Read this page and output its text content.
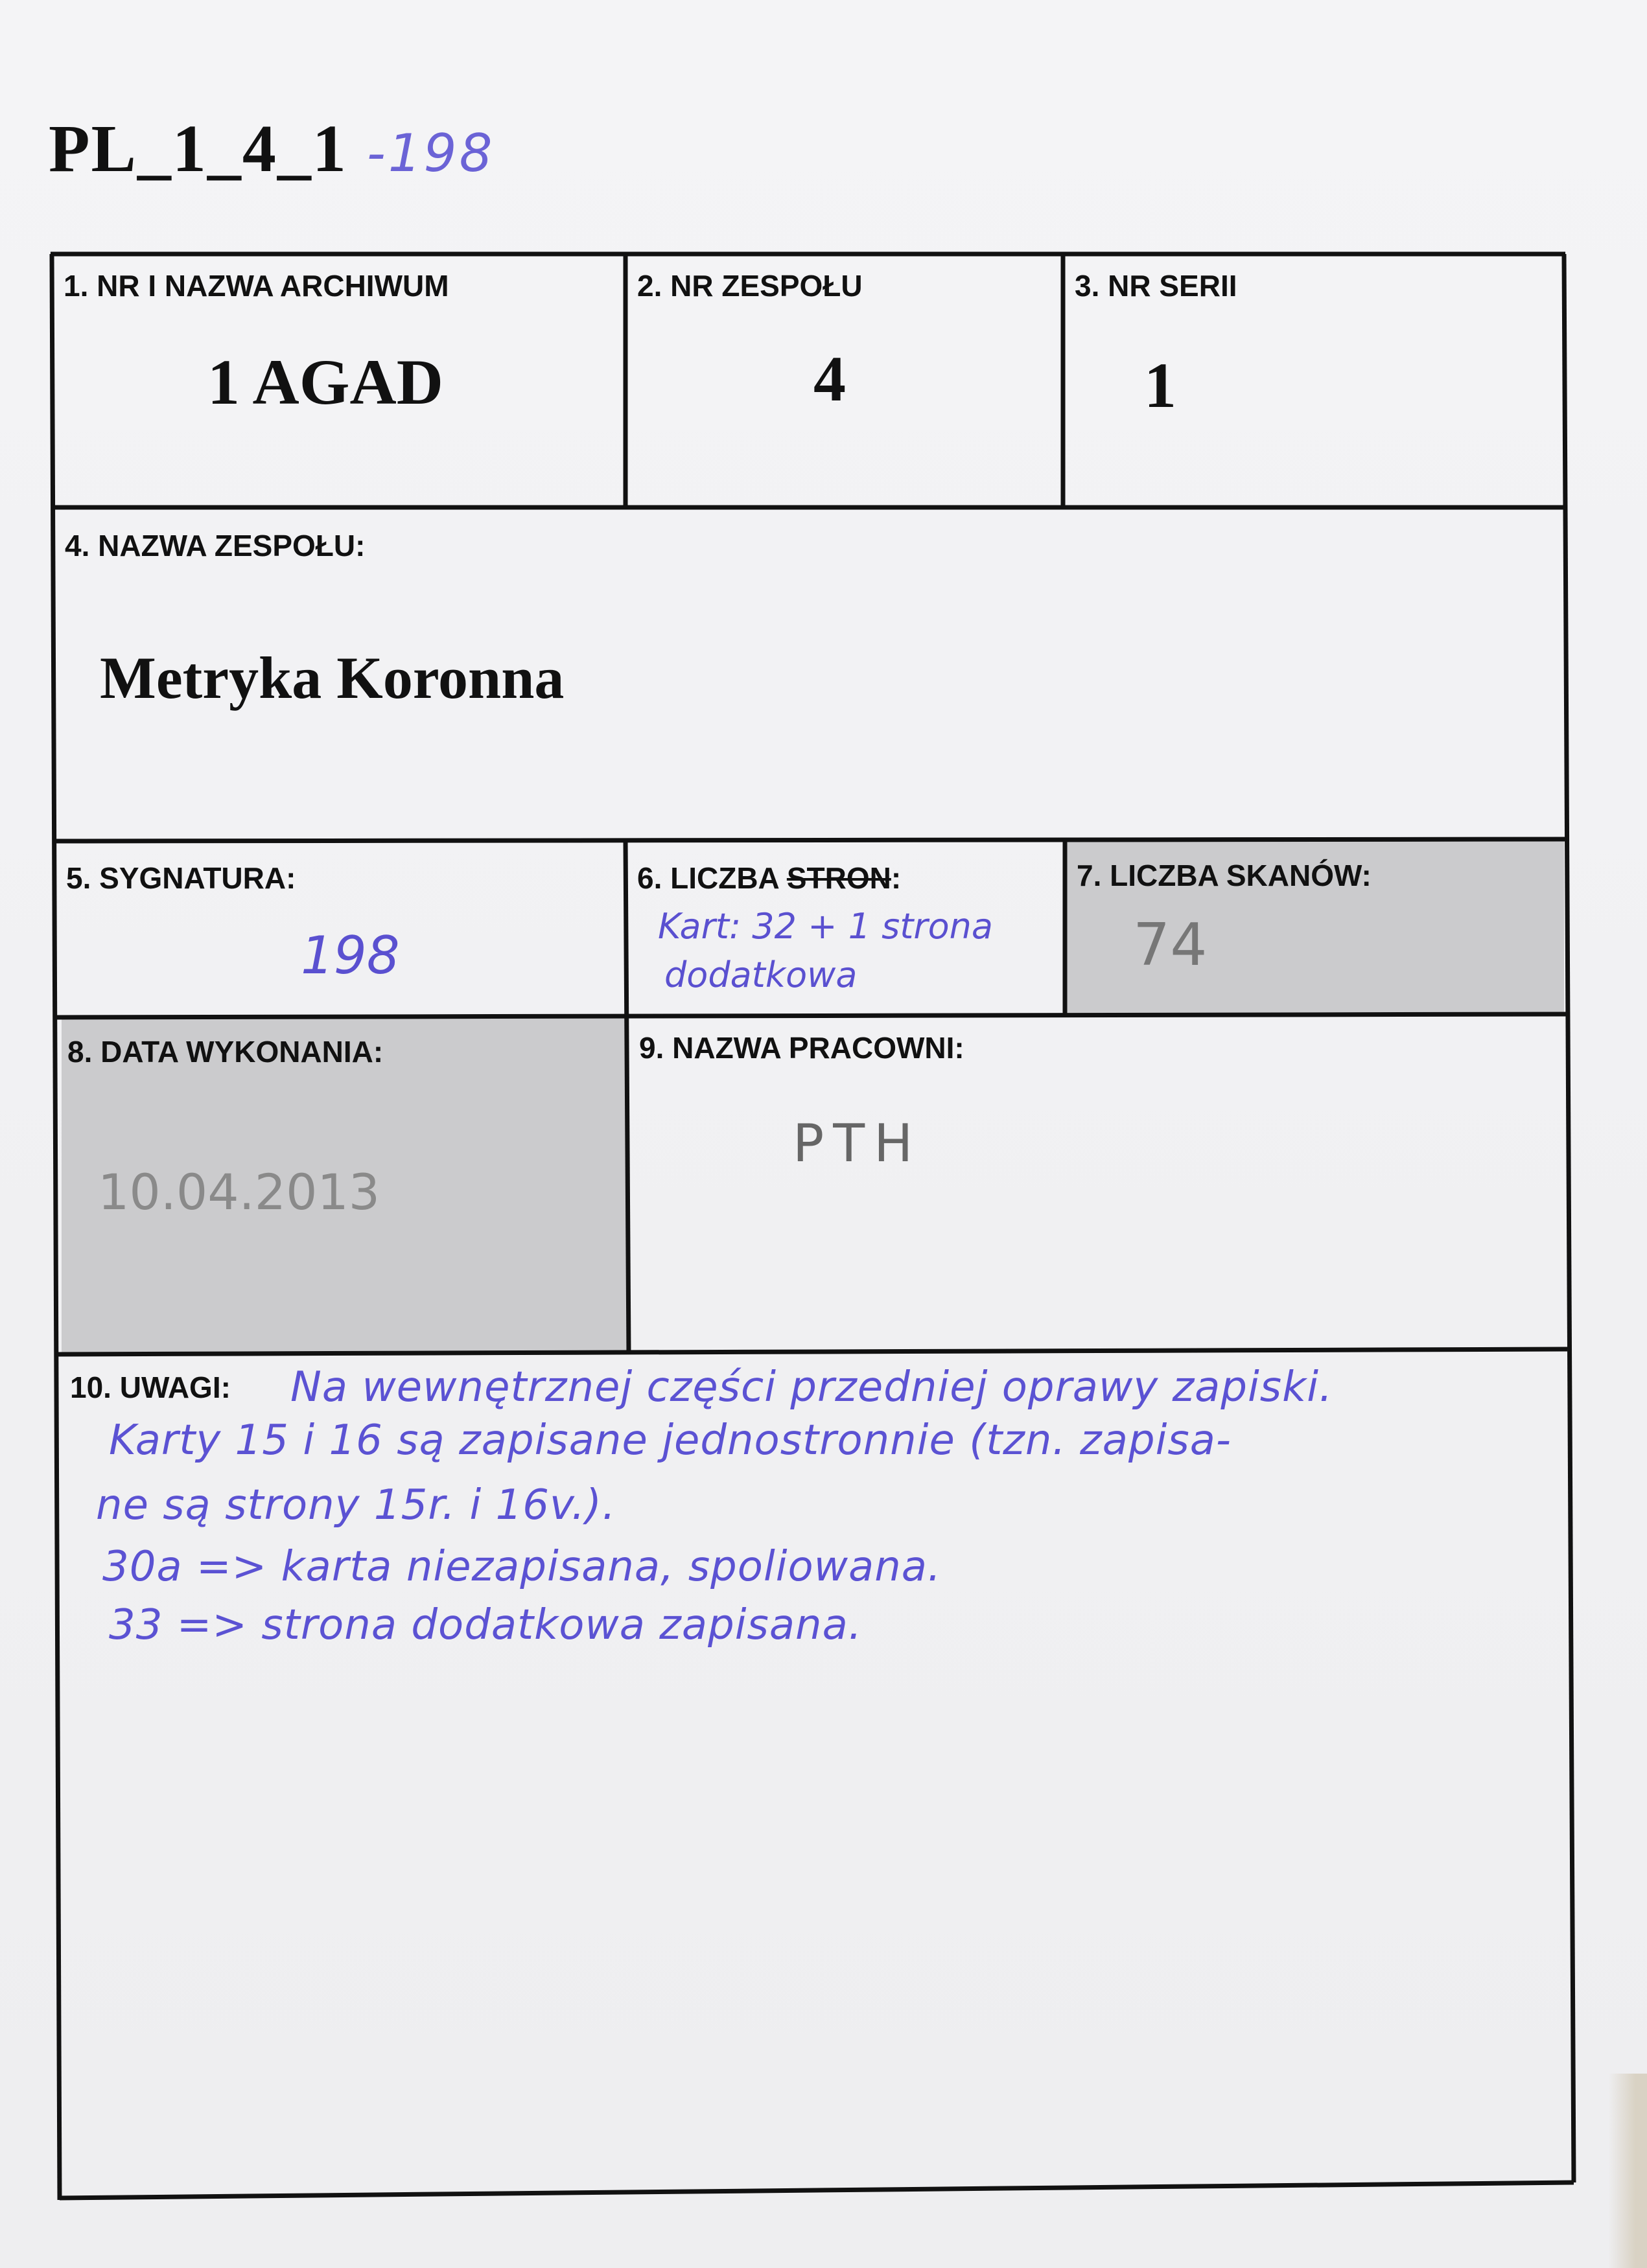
PL_1_4_1 -198
1. NR I NAZWA ARCHIWUM
1 AGAD
2. NR ZESPOŁU
4
3. NR SERII
1
4. NAZWA ZESPOŁU:
Metryka Koronna
5. SYGNATURA:
198
6. LICZBA STRON:
Kart: 32 + 1 strona
dodatkowa
7. LICZBA SKANÓW:
74
8. DATA WYKONANIA:
10.04.2013
9. NAZWA PRACOWNI:
PTH
10. UWAGI: Na wewnętrznej części przedniej oprawy zapiski.
Karty 15 i 16 są zapisane jednostronnie (tzn. zapisa-
ne są strony 15r. i 16v.).
30a => karta niezapisana, spoliowana.
33 => strona dodatkowa zapisana.
